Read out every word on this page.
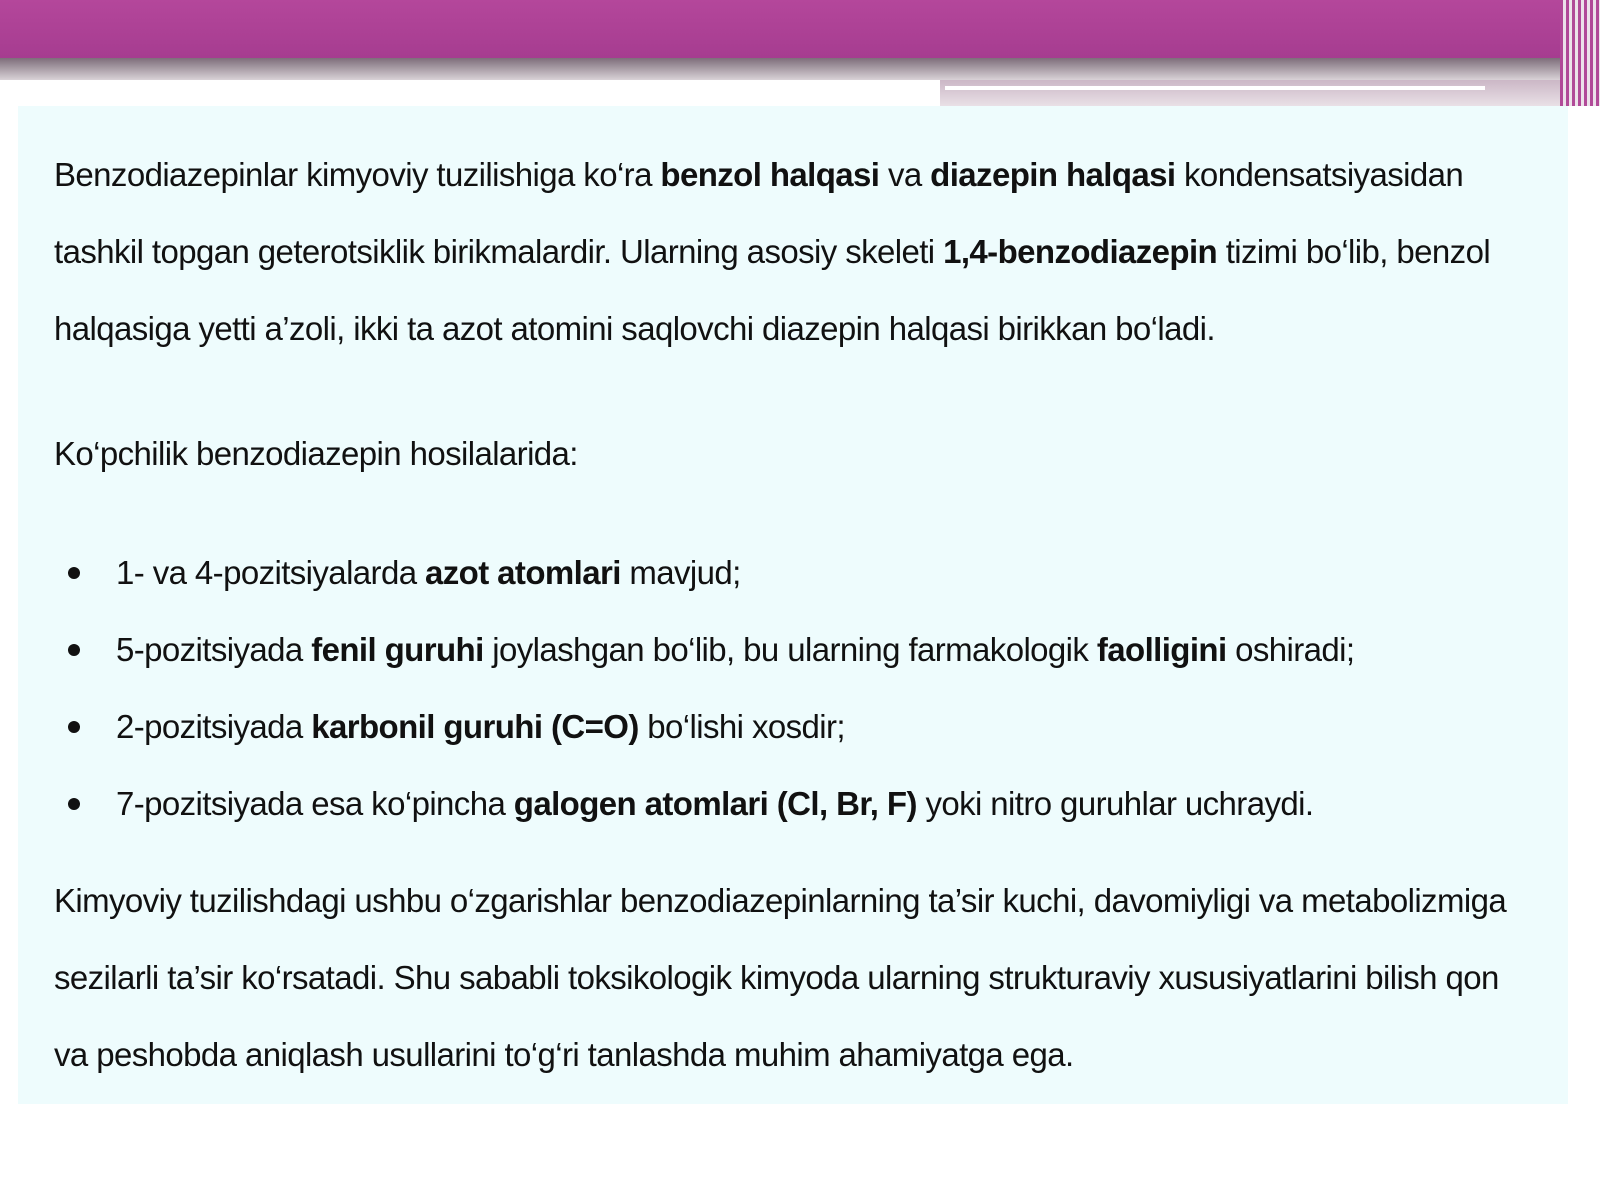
Benzodiazepinlar kimyoviy tuzilishiga ko‘ra benzol halqasi va diazepin halqasi kondensatsiyasidan tashkil topgan geterotsiklik birikmalardir. Ularning asosiy skeleti 1,4-benzodiazepin tizimi bo‘lib, benzol halqasiga yetti a’zoli, ikki ta azot atomini saqlovchi diazepin halqasi birikkan bo‘ladi.

Ko‘pchilik benzodiazepin hosilalarida:

1- va 4-pozitsiyalarda azot atomlari mavjud;
5-pozitsiyada fenil guruhi joylashgan bo‘lib, bu ularning farmakologik faolligini oshiradi;
2-pozitsiyada karbonil guruhi (C=O) bo‘lishi xosdir;
7-pozitsiyada esa ko‘pincha galogen atomlari (Cl, Br, F) yoki nitro guruhlar uchraydi.

Kimyoviy tuzilishdagi ushbu o‘zgarishlar benzodiazepinlarning ta’sir kuchi, davomiyligi va metabolizmiga sezilarli ta’sir ko‘rsatadi. Shu sababli toksikologik kimyoda ularning strukturaviy xususiyatlarini bilish qon va peshobda aniqlash usullarini to‘g‘ri tanlashda muhim ahamiyatga ega.
